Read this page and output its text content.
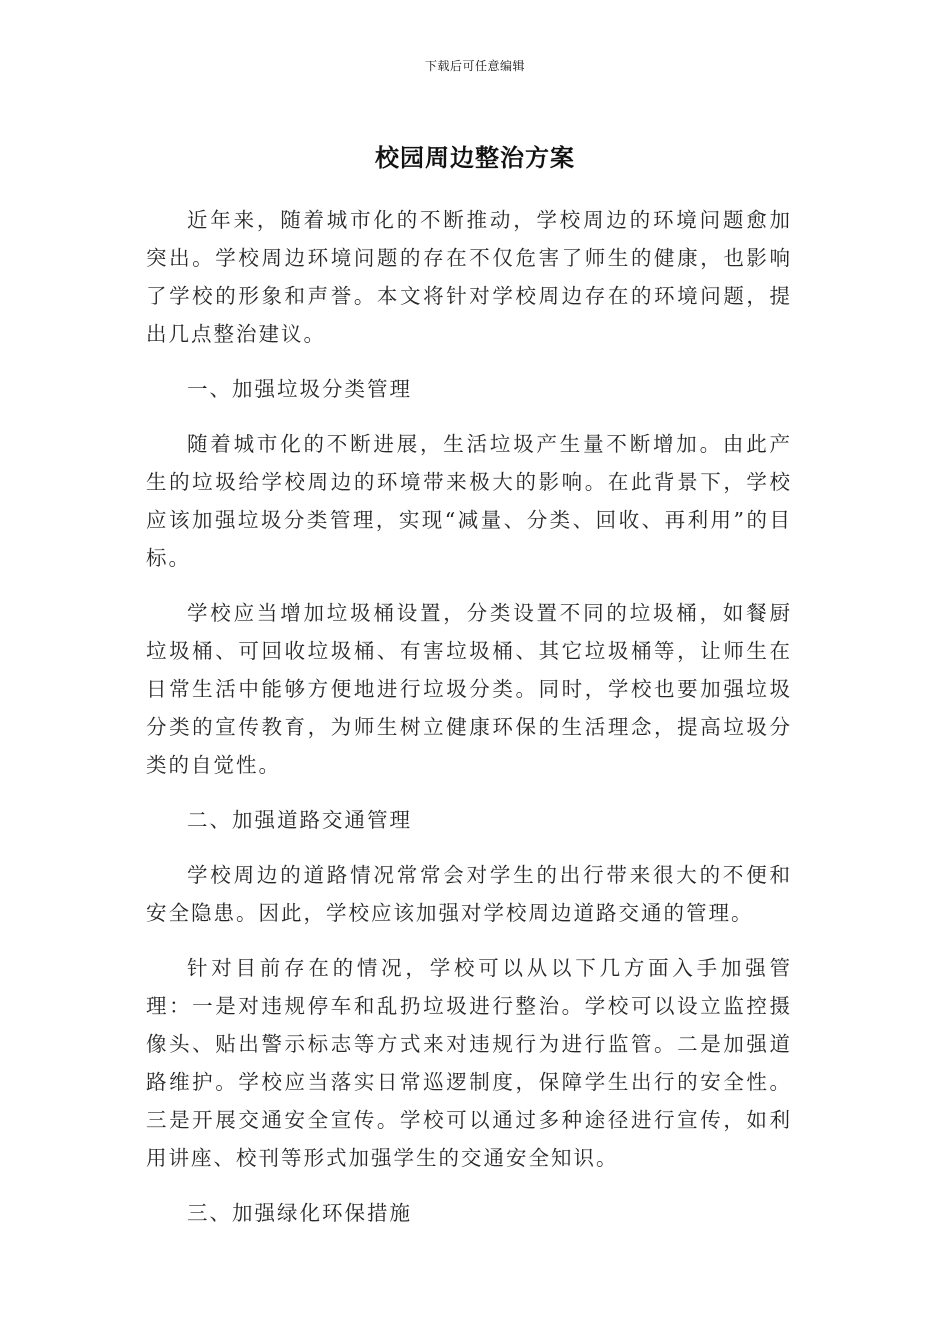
下载后可任意编辑
校园周边整治方案

近年来，随着城市化的不断推动，学校周边的环境问题愈加突出。学校周边环境问题的存在不仅危害了师生的健康，也影响了学校的形象和声誉。本文将针对学校周边存在的环境问题，提出几点整治建议。

一、加强垃圾分类管理

随着城市化的不断进展，生活垃圾产生量不断增加。由此产生的垃圾给学校周边的环境带来极大的影响。在此背景下，学校应该加强垃圾分类管理，实现“减量、分类、回收、再利用”的目标。

学校应当增加垃圾桶设置，分类设置不同的垃圾桶，如餐厨垃圾桶、可回收垃圾桶、有害垃圾桶、其它垃圾桶等，让师生在日常生活中能够方便地进行垃圾分类。同时，学校也要加强垃圾分类的宣传教育，为师生树立健康环保的生活理念，提高垃圾分类的自觉性。

二、加强道路交通管理

学校周边的道路情况常常会对学生的出行带来很大的不便和安全隐患。因此，学校应该加强对学校周边道路交通的管理。

针对目前存在的情况，学校可以从以下几方面入手加强管理：一是对违规停车和乱扔垃圾进行整治。学校可以设立监控摄像头、贴出警示标志等方式来对违规行为进行监管。二是加强道路维护。学校应当落实日常巡逻制度，保障学生出行的安全性。三是开展交通安全宣传。学校可以通过多种途径进行宣传，如利用讲座、校刊等形式加强学生的交通安全知识。

三、加强绿化环保措施
